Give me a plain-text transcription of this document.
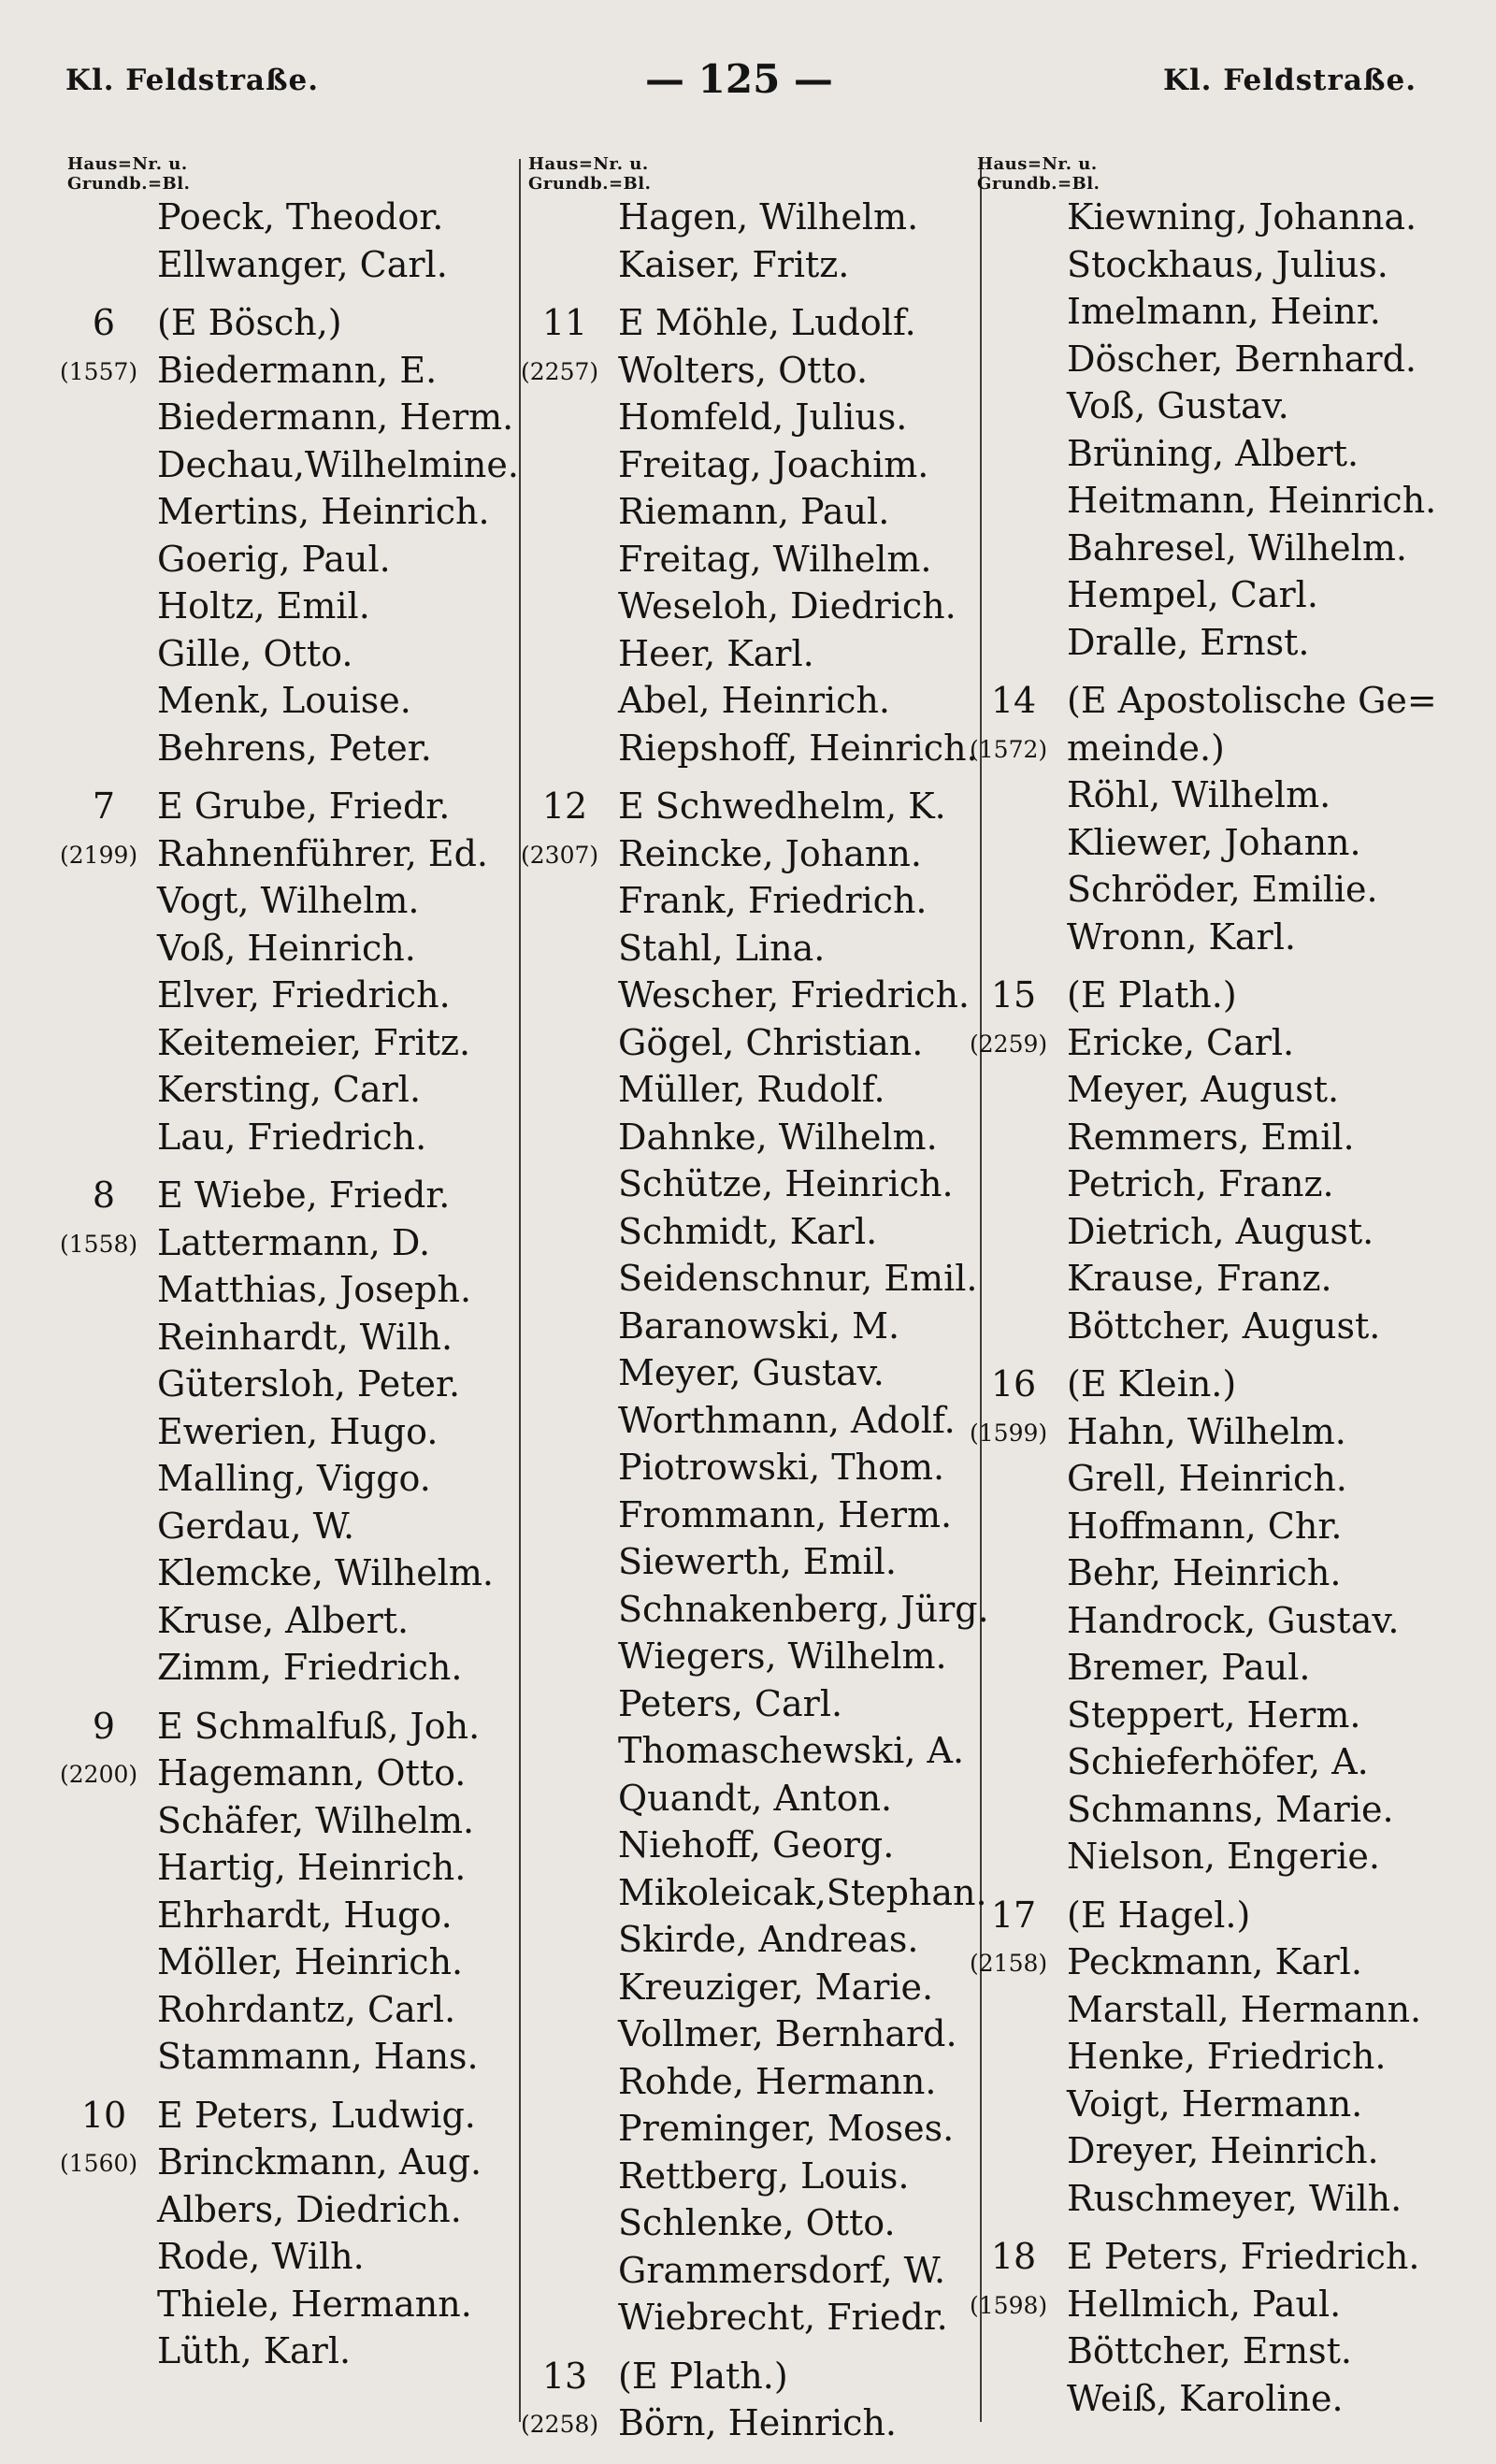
Kl. Feldstraße.	— 125 —	Kl. Feldstraße.
Haus=Nr. u.
Grundb.=Bl.
Poeck, Theodor.
Ellwanger, Carl.
6	(E Bösch,)
(1557) Biedermann, E.
Biedermann, Herm.
Dechau,Wilhelmine.
Mertins, Heinrich.
Goerig, Paul.
Holtz, Emil.
Gille, Otto.
Menk, Louise.
Behrens, Peter.
7	E Grube, Friedr.
(2199) Rahnenführer, Ed.
Vogt, Wilhelm.
Voß, Heinrich.
Elver, Friedrich.
Keitemeier, Fritz.
Kersting, Carl.
Lau, Friedrich.
8	E Wiebe, Friedr.
(1558) Lattermann, D.
Matthias, Joseph.
Reinhardt, Wilh.
Gütersloh, Peter.
Ewerien, Hugo.
Malling, Viggo.
Gerdau, W.
Klemcke, Wilhelm.
Kruse, Albert.
Zimm, Friedrich.
9	E Schmalfuß, Joh.
(2200) Hagemann, Otto.
Schäfer, Wilhelm.
Hartig, Heinrich.
Ehrhardt, Hugo.
Möller, Heinrich.
Rohrdantz, Carl.
Stammann, Hans.
10 E Peters, Ludwig.
(1560) Brinckmann, Aug.
Albers, Diedrich.
Rode, Wilh.
Thiele, Hermann.
Lüth, Karl.
Haus=Nr. u.
Grundb.=Bl.
Hagen, Wilhelm.
Kaiser, Fritz.
11 E Möhle, Ludolf.
(2257) Wolters, Otto.
Homfeld, Julius.
Freitag, Joachim.
Riemann, Paul.
Freitag, Wilhelm.
Weseloh, Diedrich.
Heer, Karl.
Abel, Heinrich.
Riepshoff, Heinrich.
12 E Schwedhelm, K.
(2307) Reincke, Johann.
Frank, Friedrich.
Stahl, Lina.
Wescher, Friedrich.
Gögel, Christian.
Müller, Rudolf.
Dahnke, Wilhelm.
Schütze, Heinrich.
Schmidt, Karl.
Seidenschnur, Emil.
Baranowski, M.
Meyer, Gustav.
Worthmann, Adolf.
Piotrowski, Thom.
Frommann, Herm.
Siewerth, Emil.
Schnakenberg, Jürg.
Wiegers, Wilhelm.
Peters, Carl.
Thomaschewski, A.
Quandt, Anton.
Niehoff, Georg.
Mikoleicak,Stephan.
Skirde, Andreas.
Kreuziger, Marie.
Vollmer, Bernhard.
Rohde, Hermann.
Preminger, Moses.
Rettberg, Louis.
Schlenke, Otto.
Grammersdorf, W.
Wiebrecht, Friedr.
13 (E Plath.)
(2258) Börn, Heinrich.
Haus=Nr. u.
Grundb.=Bl.
Kiewning, Johanna.
Stockhaus, Julius.
Imelmann, Heinr.
Döscher, Bernhard.
Voß, Gustav.
Brüning, Albert.
Heitmann, Heinrich.
Bahresel, Wilhelm.
Hempel, Carl.
Dralle, Ernst.
14 (E Apostolische Ge=
(1572) meinde.)
Röhl, Wilhelm.
Kliewer, Johann.
Schröder, Emilie.
Wronn, Karl.
15 (E Plath.)
(2259) Ericke, Carl.
Meyer, August.
Remmers, Emil.
Petrich, Franz.
Dietrich, August.
Krause, Franz.
Böttcher, August.
16 (E Klein.)
(1599) Hahn, Wilhelm.
Grell, Heinrich.
Hoffmann, Chr.
Behr, Heinrich.
Handrock, Gustav.
Bremer, Paul.
Steppert, Herm.
Schieferhöfer, A.
Schmanns, Marie.
Nielson, Engerie.
17 (E Hagel.)
(2158) Peckmann, Karl.
Marstall, Hermann.
Henke, Friedrich.
Voigt, Hermann.
Dreyer, Heinrich.
Ruschmeyer, Wilh.
18 E Peters, Friedrich.
(1598) Hellmich, Paul.
Böttcher, Ernst.
Weiß, Karoline.
